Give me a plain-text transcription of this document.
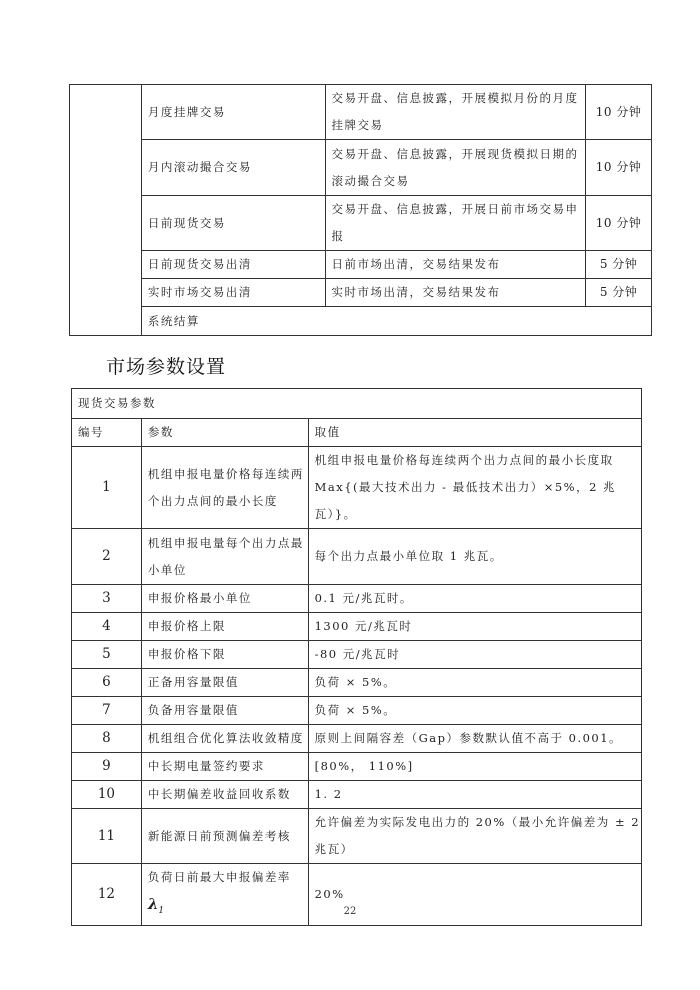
	月度挂牌交易	交易开盘、信息披露，开展模拟月份的月度挂牌交易	10 分钟
	月内滚动撮合交易	交易开盘、信息披露，开展现货模拟日期的滚动撮合交易	10 分钟
	日前现货交易	交易开盘、信息披露，开展日前市场交易申报	10 分钟
	日前现货交易出清	日前市场出清，交易结果发布	5 分钟
	实时市场交易出清	实时市场出清，交易结果发布	5 分钟
	系统结算		
市场参数设置
现货交易参数		
编号	参数	取值
1	机组申报电量价格每连续两个出力点间的最小长度	机组申报电量价格每连续两个出力点间的最小长度取Max{(最大技术出力 - 最低技术出力）×5%，2 兆瓦）}。
2	机组申报电量每个出力点最小单位	每个出力点最小单位取 1 兆瓦。
3	申报价格最小单位	0.1 元/兆瓦时。
4	申报价格上限	1300 元/兆瓦时
5	申报价格下限	-80 元/兆瓦时
6	正备用容量限值	负荷 × 5%。
7	负备用容量限值	负荷 × 5%。
8	机组组合优化算法收敛精度	原则上间隔容差（Gap）参数默认值不高于 0.001。
9	中长期电量签约要求	[80%， 110%]
10	中长期偏差收益回收系数	1. 2
11	新能源日前预测偏差考核	允许偏差为实际发电出力的 20%（最小允许偏差为 ± 2 兆瓦）
12	负荷日前最大申报偏差率 $\lambda_1$	20%
22
